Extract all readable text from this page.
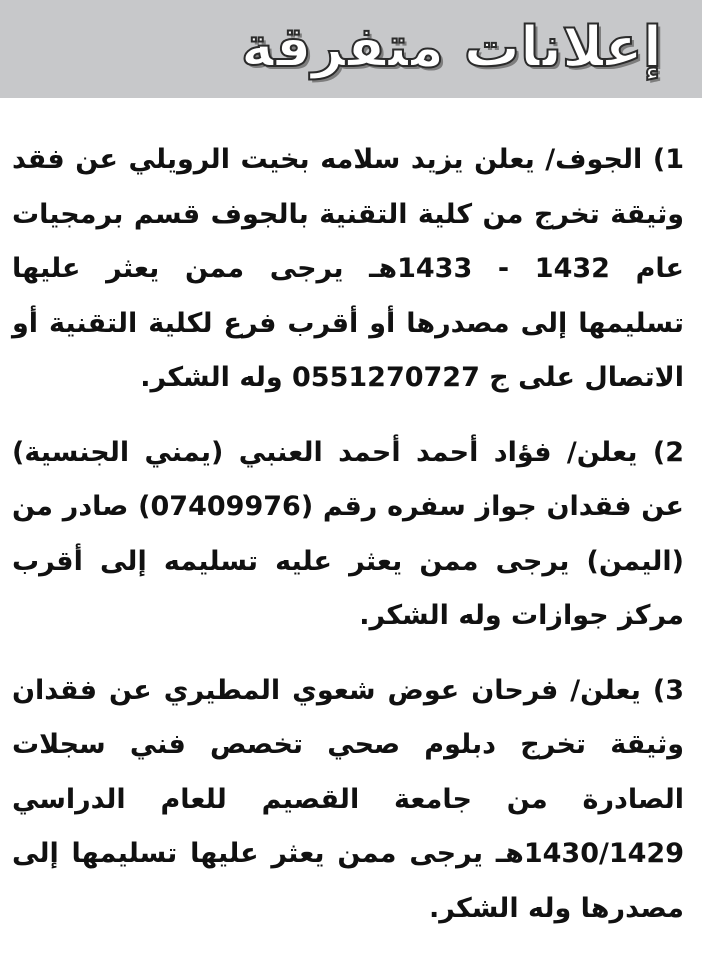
إعلانات متفرقة

1) الجوف/ يعلن يزيد سلامه بخيت الرويلي عن فقد وثيقة تخرج من كلية التقنية بالجوف قسم برمجيات عام 1432 - 1433هـ يرجى ممن يعثر عليها تسليمها إلى مصدرها أو أقرب فرع لكلية التقنية أو الاتصال على ج 0551270727 وله الشكر.

2) يعلن/ فؤاد أحمد أحمد العنبي (يمني الجنسية) عن فقدان جواز سفره رقم (07409976) صادر من (اليمن) يرجى ممن يعثر عليه تسليمه إلى أقرب مركز جوازات وله الشكر.

3) يعلن/ فرحان عوض شعوي المطيري عن فقدان وثيقة تخرج دبلوم صحي تخصص فني سجلات الصادرة من جامعة القصيم للعام الدراسي 1430/1429هـ يرجى ممن يعثر عليها تسليمها إلى مصدرها وله الشكر.
